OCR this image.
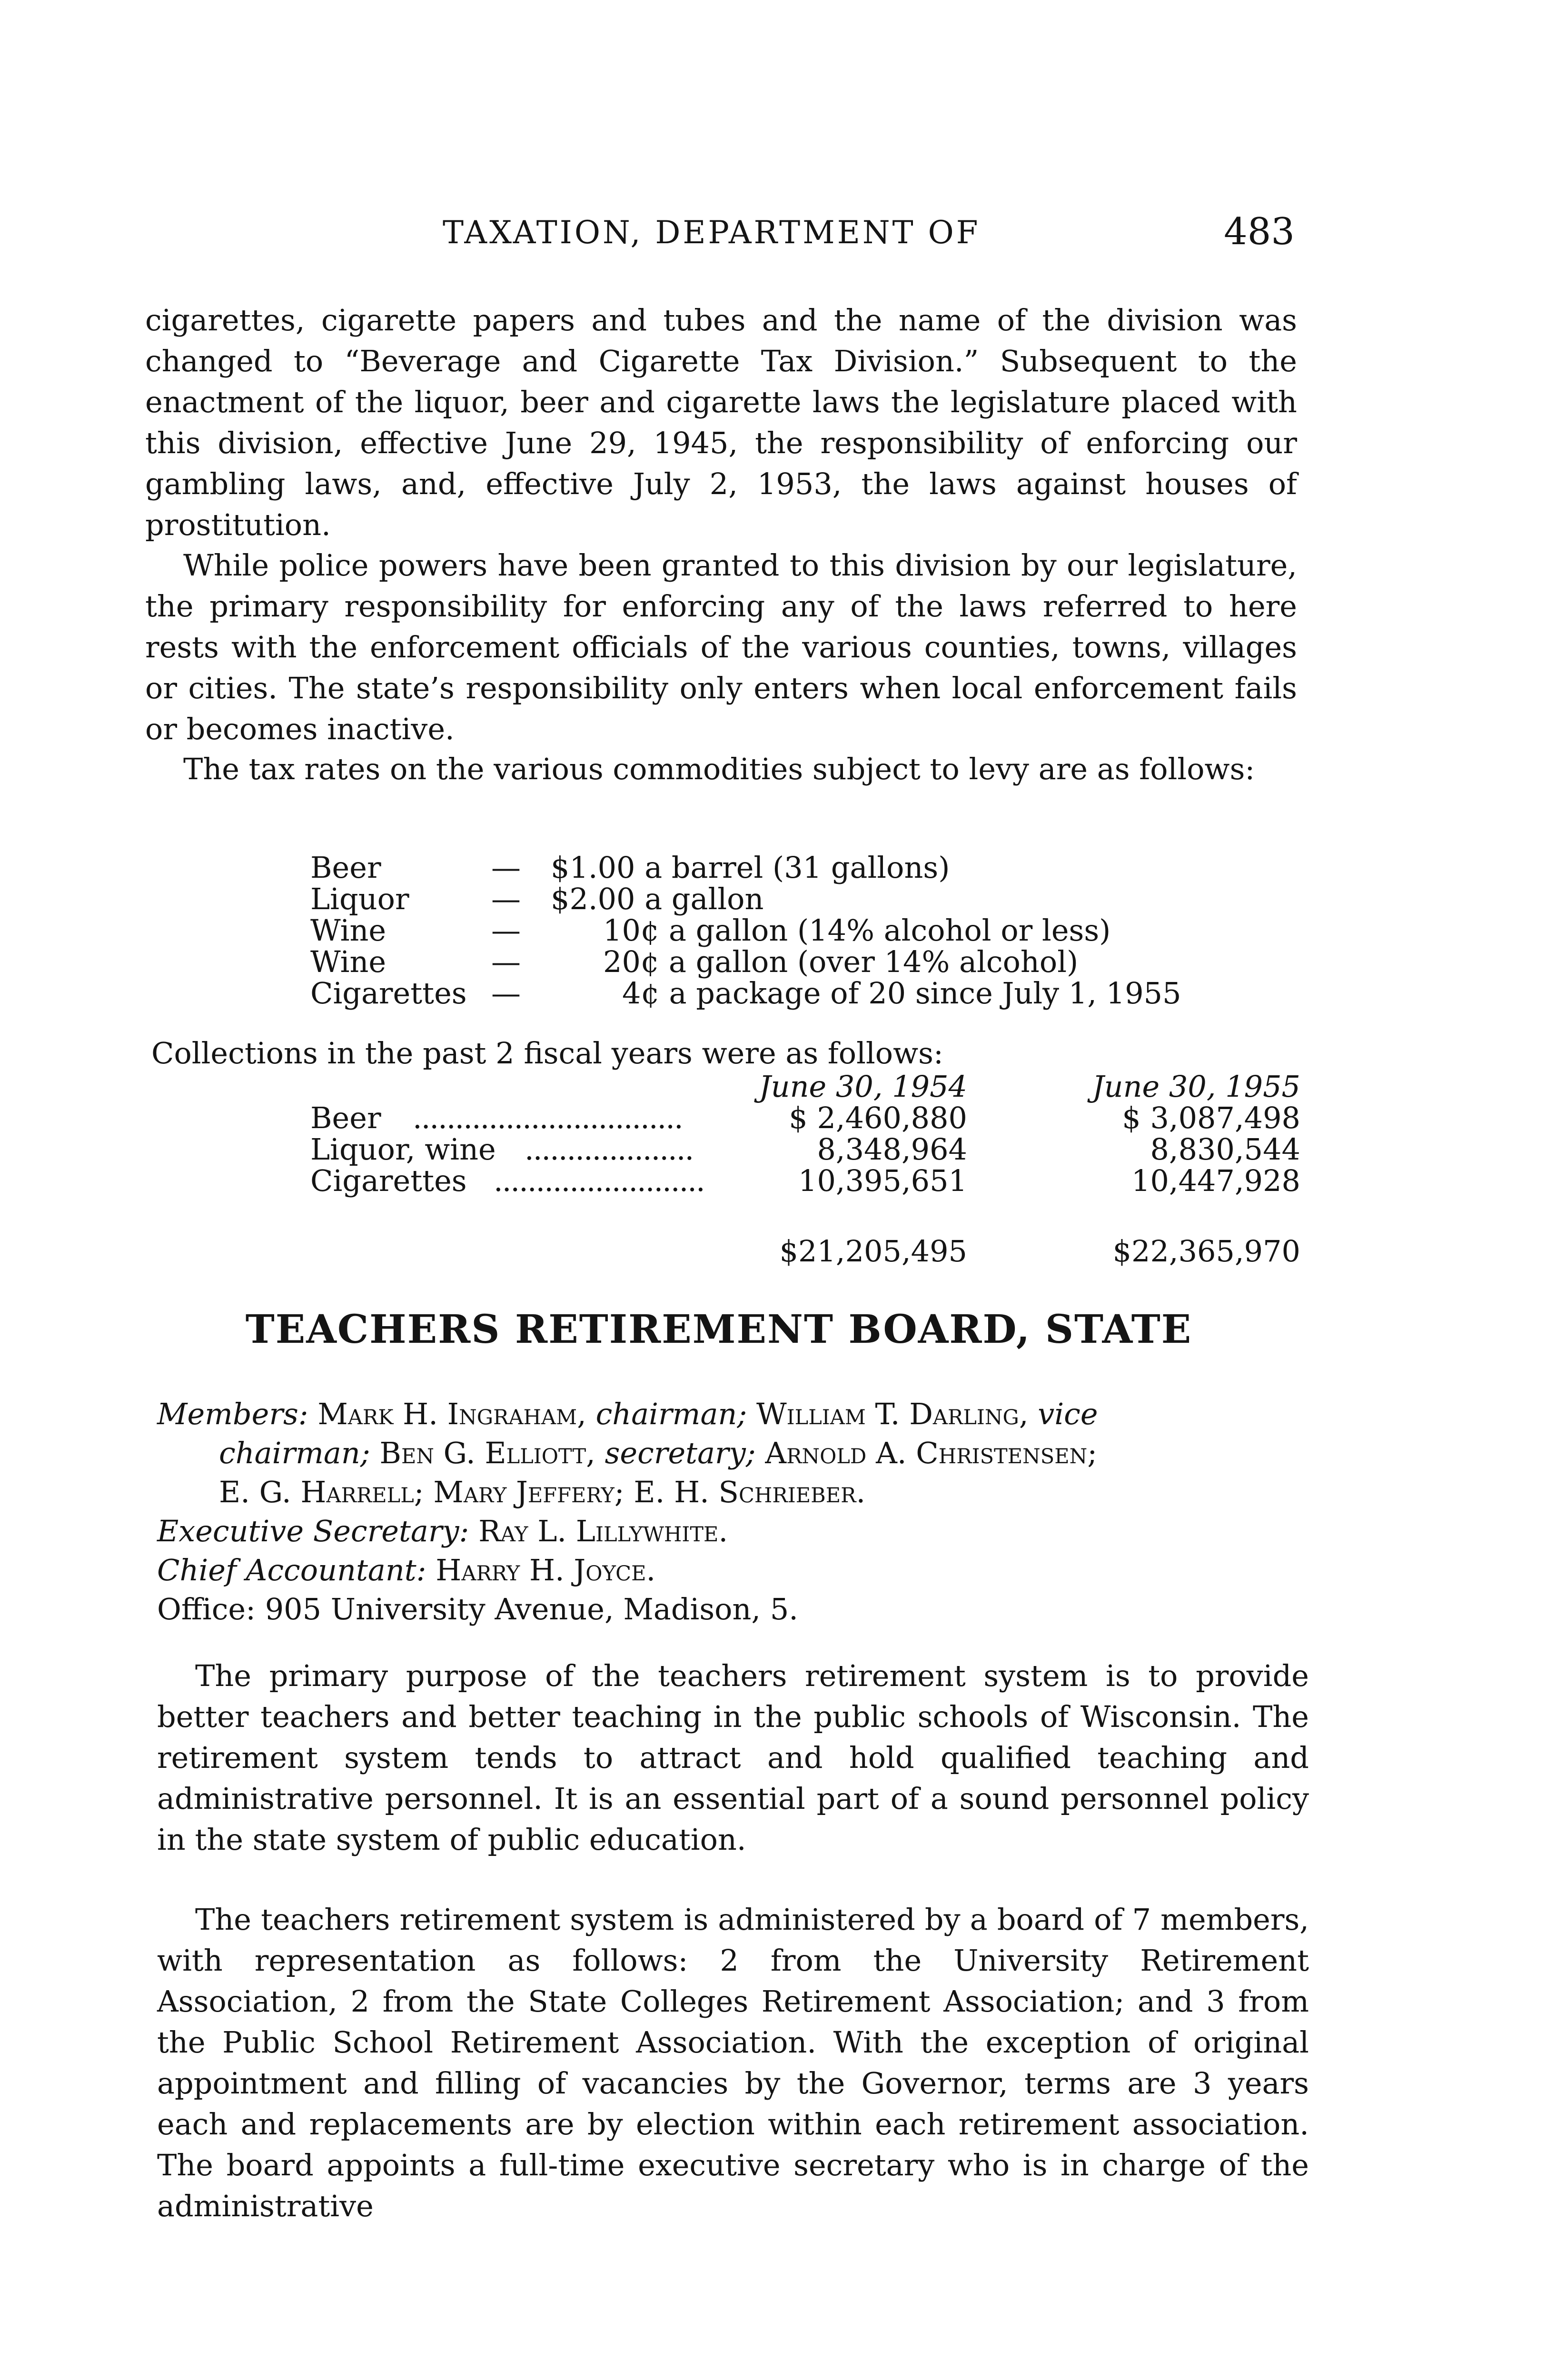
TAXATION, DEPARTMENT OF	483

cigarettes, cigarette papers and tubes and the name of the division was changed to “Beverage and Cigarette Tax Division.” Subsequent to the enactment of the liquor, beer and cigarette laws the legislature placed with this division, effective June 29, 1945, the responsibility of enforcing our gambling laws, and, effective July 2, 1953, the laws against houses of prostitution.

While police powers have been granted to this division by our legislature, the primary responsibility for enforcing any of the laws referred to here rests with the enforcement officials of the various counties, towns, villages or cities. The state’s responsibility only enters when local enforcement fails or becomes inactive.

The tax rates on the various commodities subject to levy are as follows:

Beer	— $1.00 a barrel (31 gallons)
Liquor	— $2.00 a gallon
Wine	—	10¢ a gallon (14% alcohol or less)
Wine	—	20¢ a gallon (over 14% alcohol)
Cigarettes —	4¢ a package of 20 since July 1, 1955
Collections in the past 2 fiscal years were as follows:
June 30, 1954	June 30, 1955
Beer ................................	$ 2,460,880	$ 3,087,498
Liquor, wine ....................	8,348,964	8,830,544
Cigarettes .........................	10,395,651	10,447,928
$21,205,495	$22,365,970
TEACHERS RETIREMENT BOARD, STATE

Members: Mark H. Ingraham, chairman; William T. Darling, vice

chairman; Ben G. Elliott, secretary; Arnold A. Christensen;

E. G. Harrell; Mary Jeffery; E. H. Schrieber.

Executive Secretary: Ray L. Lillywhite.

Chief Accountant: Harry H. Joyce.

Office: 905 University Avenue, Madison, 5.

The primary purpose of the teachers retirement system is to provide better teachers and better teaching in the public schools of Wisconsin. The retirement system tends to attract and hold qualified teaching and administrative personnel. It is an essential part of a sound personnel policy in the state system of public education.

The teachers retirement system is administered by a board of 7 members, with representation as follows: 2 from the University Retirement Association, 2 from the State Colleges Retirement Association; and 3 from the Public School Retirement Association. With the exception of original appointment and filling of vacancies by the Governor, terms are 3 years each and replacements are by election within each retirement association. The board appoints a full-time executive secretary who is in charge of the administrative
